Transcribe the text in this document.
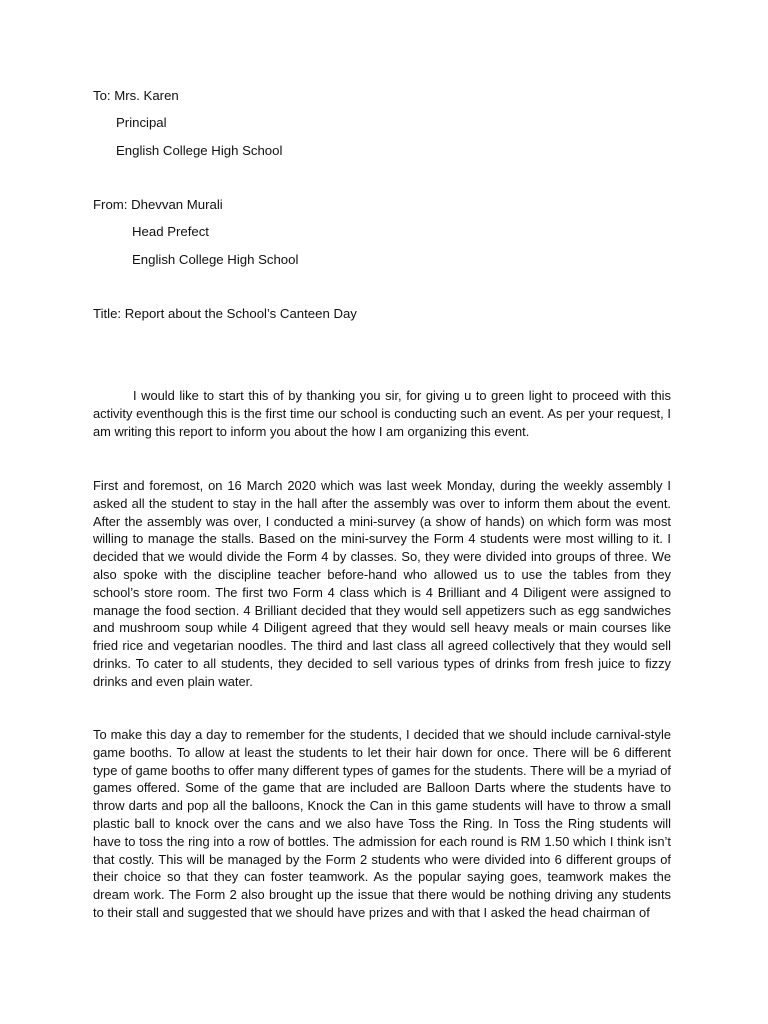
To: Mrs. Karen

Principal

English College High School

From: Dhevvan Murali

Head Prefect

English College High School

Title: Report about the School’s Canteen Day

I would like to start this of by thanking you sir, for giving u to green light to proceed with this activity eventhough this is the first time our school is conducting such an event. As per your request, I am writing this report to inform you about the how I am organizing this event.

First and foremost, on 16 March 2020 which was last week Monday, during the weekly assembly I asked all the student to stay in the hall after the assembly was over to inform them about the event. After the assembly was over, I conducted a mini-survey (a show of hands) on which form was most willing to manage the stalls. Based on the mini-survey the Form 4 students were most willing to it. I decided that we would divide the Form 4 by classes. So, they were divided into groups of three. We also spoke with the discipline teacher before-hand who allowed us to use the tables from they school’s store room. The first two Form 4 class which is 4 Brilliant and 4 Diligent were assigned to manage the food section. 4 Brilliant decided that they would sell appetizers such as egg sandwiches and mushroom soup while 4 Diligent agreed that they would sell heavy meals or main courses like fried rice and vegetarian noodles. The third and last class all agreed collectively that they would sell drinks. To cater to all students, they decided to sell various types of drinks from fresh juice to fizzy drinks and even plain water.

To make this day a day to remember for the students, I decided that we should include carnival-style game booths. To allow at least the students to let their hair down for once. There will be 6 different type of game booths to offer many different types of games for the students. There will be a myriad of games offered. Some of the game that are included are Balloon Darts where the students have to throw darts and pop all the balloons, Knock the Can in this game students will have to throw a small plastic ball to knock over the cans and we also have Toss the Ring. In Toss the Ring students will have to toss the ring into a row of bottles. The admission for each round is RM 1.50 which I think isn’t that costly. This will be managed by the Form 2 students who were divided into 6 different groups of their choice so that they can foster teamwork. As the popular saying goes, teamwork makes the dream work. The Form 2 also brought up the issue that there would be nothing driving any students to their stall and suggested that we should have prizes and with that I asked the head chairman of
